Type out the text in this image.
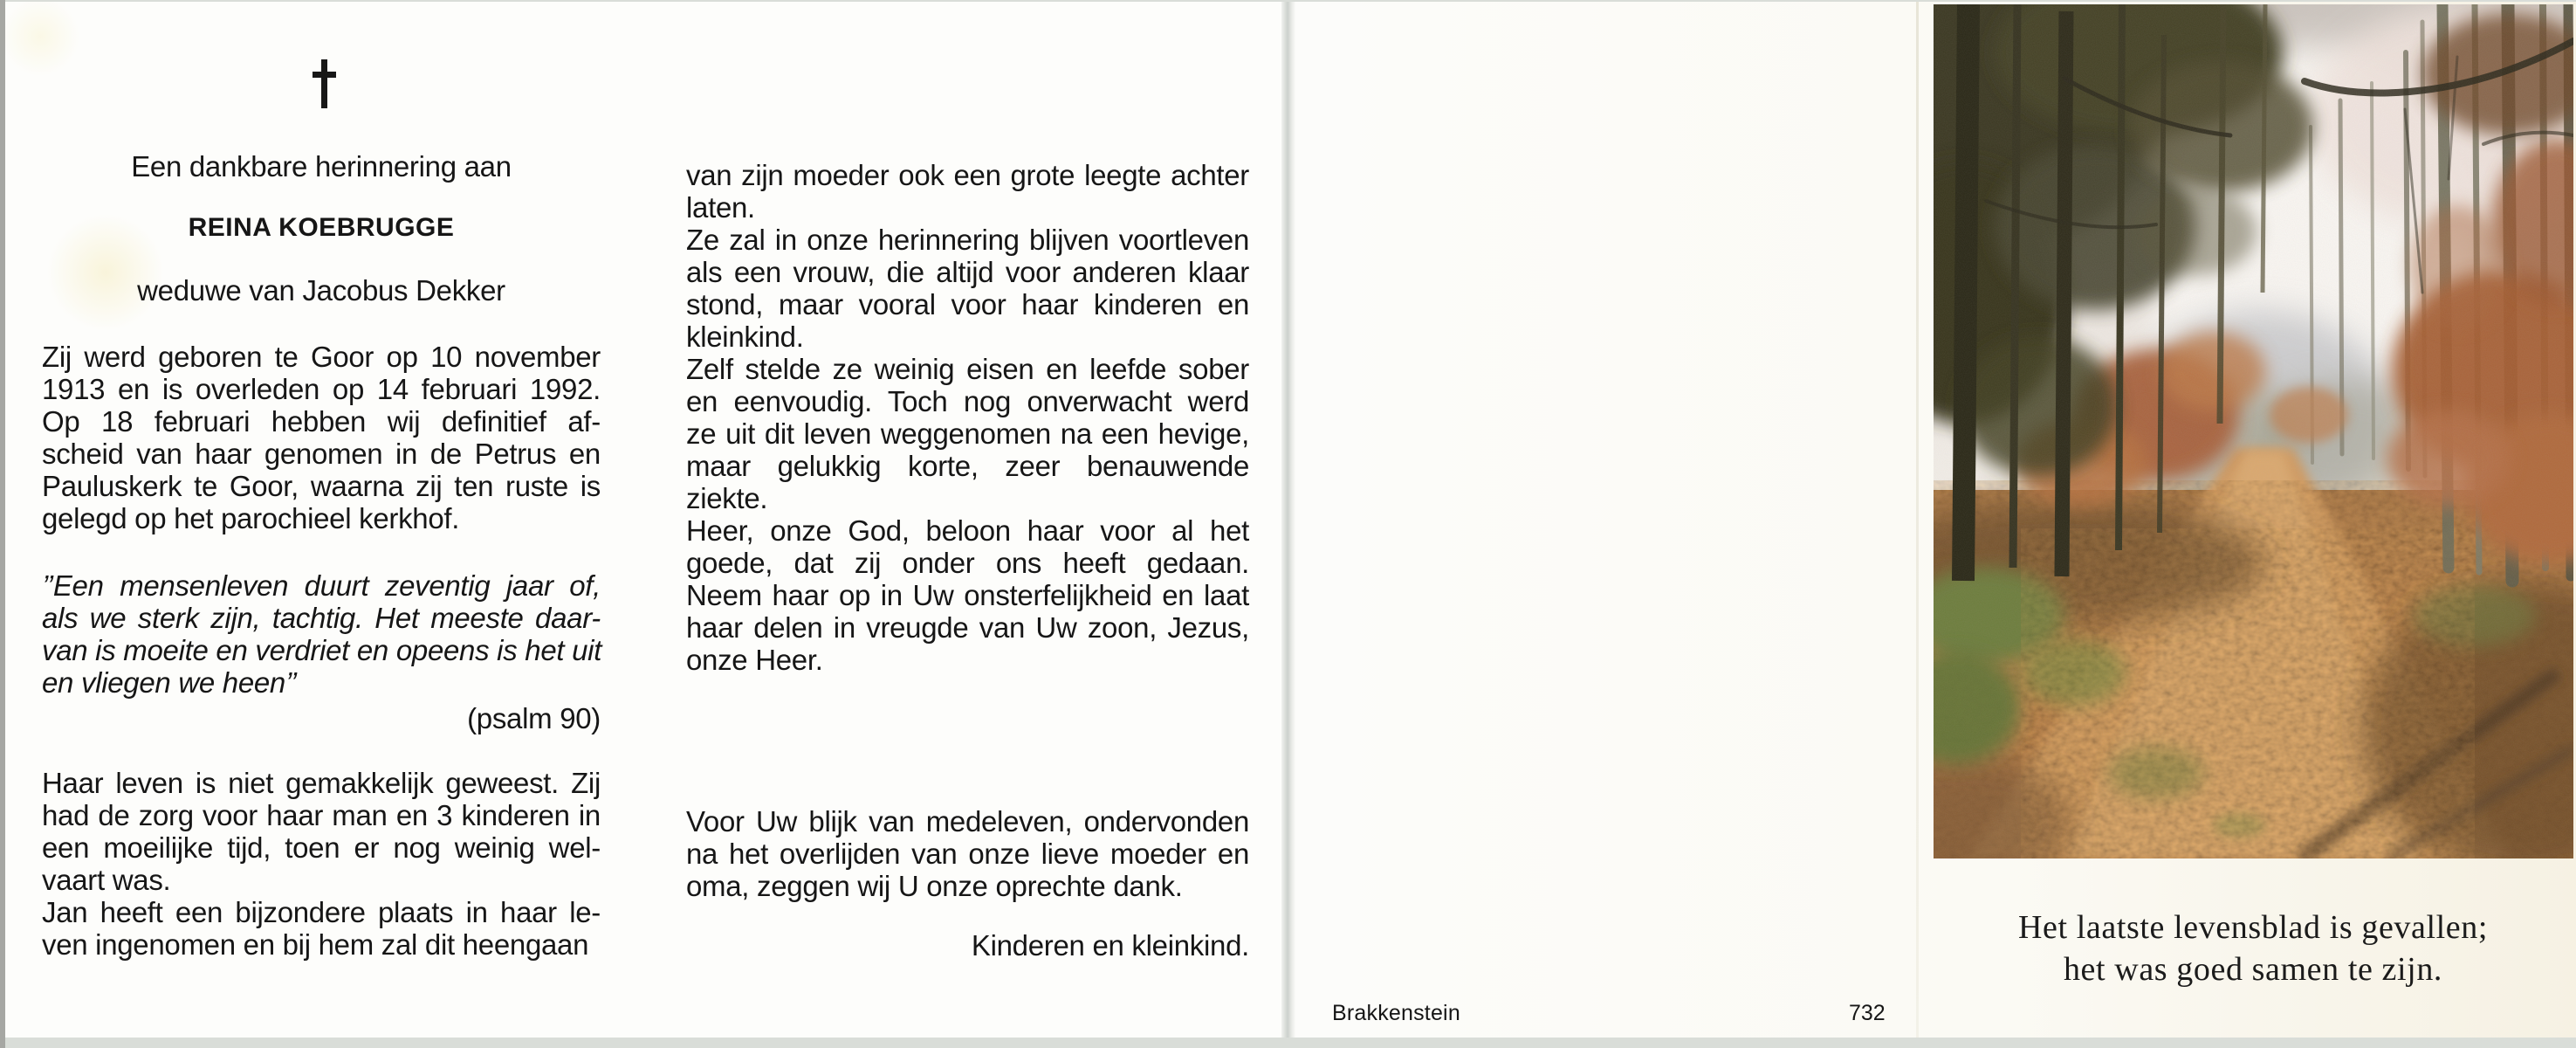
Een dankbare herinnering aan
REINA KOEBRUGGE
weduwe van Jacobus Dekker
Zij werd geboren te Goor op 10 november
1913 en is overleden op 14 februari 1992.
Op 18 februari hebben wij definitief af-
scheid van haar genomen in de Petrus en
Pauluskerk te Goor, waarna zij ten ruste is
gelegd op het parochieel kerkhof.
’’Een mensenleven duurt zeventig jaar of,
als we sterk zijn, tachtig. Het meeste daar-
van is moeite en verdriet en opeens is het uit
en vliegen we heen’’
(psalm 90)
Haar leven is niet gemakkelijk geweest. Zij
had de zorg voor haar man en 3 kinderen in
een moeilijke tijd, toen er nog weinig wel-
vaart was.
Jan heeft een bijzondere plaats in haar le-
ven ingenomen en bij hem zal dit heengaan
van zijn moeder ook een grote leegte achter
laten.
Ze zal in onze herinnering blijven voortleven
als een vrouw, die altijd voor anderen klaar
stond, maar vooral voor haar kinderen en
kleinkind.
Zelf stelde ze weinig eisen en leefde sober
en eenvoudig. Toch nog onverwacht werd
ze uit dit leven weggenomen na een hevige,
maar gelukkig korte, zeer benauwende
ziekte.
Heer, onze God, beloon haar voor al het
goede, dat zij onder ons heeft gedaan.
Neem haar op in Uw onsterfelijkheid en laat
haar delen in vreugde van Uw zoon, Jezus,
onze Heer.
Voor Uw blijk van medeleven, ondervonden
na het overlijden van onze lieve moeder en
oma, zeggen wij U onze oprechte dank.
Kinderen en kleinkind.	Het laatste levensblad is gevallen;
het was goed samen te zijn.
Brakkenstein	732
